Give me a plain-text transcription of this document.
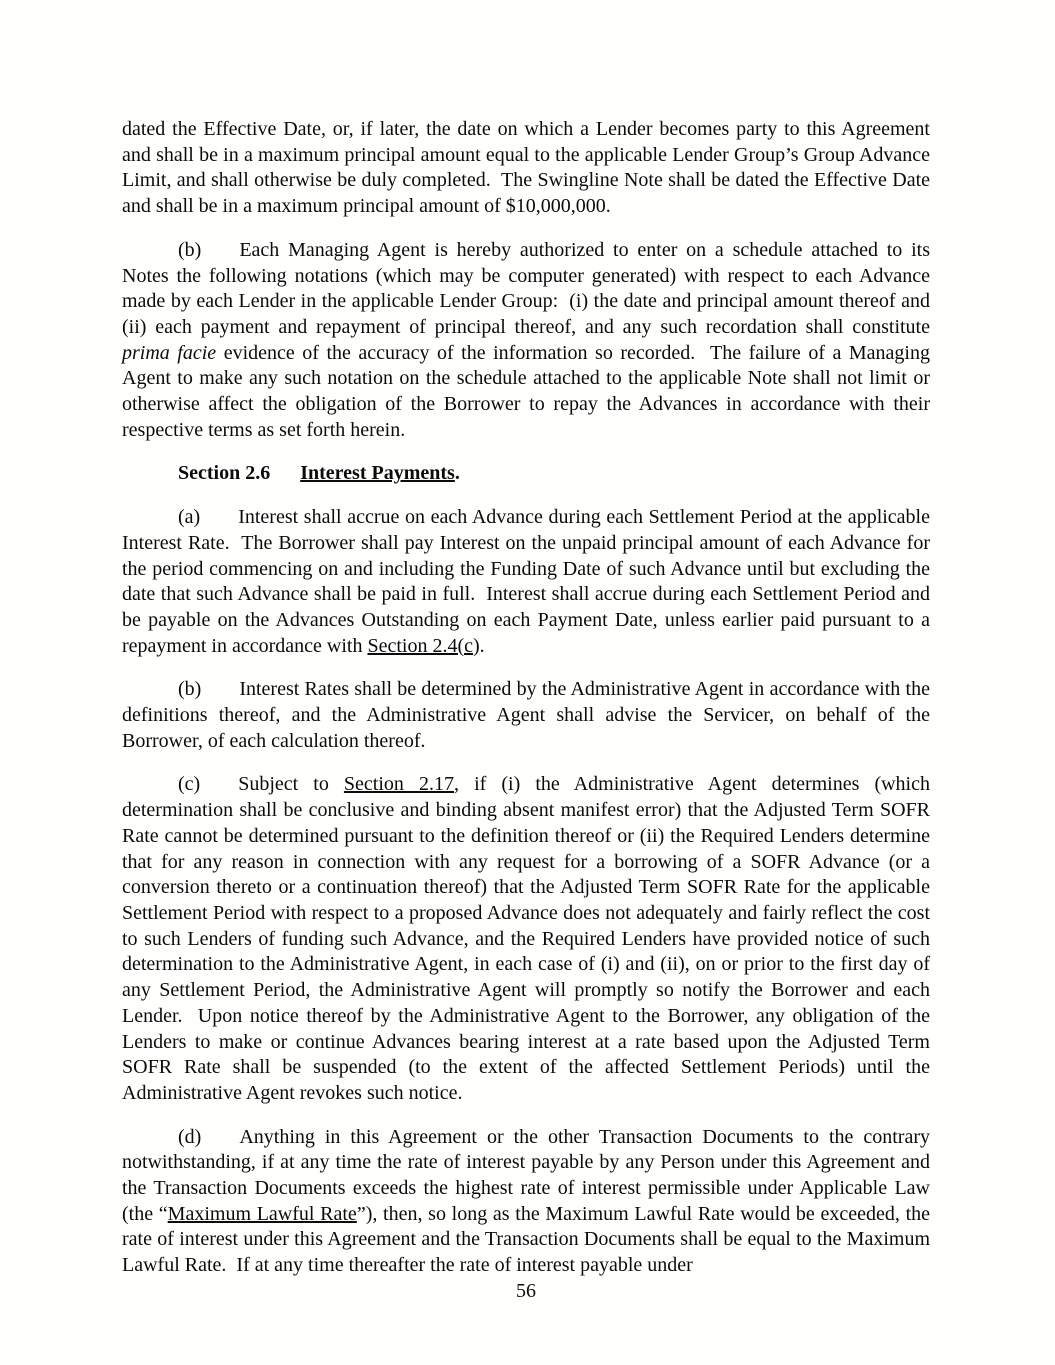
dated the Effective Date, or, if later, the date on which a Lender becomes party to this Agreement and shall be in a maximum principal amount equal to the applicable Lender Group’s Group Advance Limit, and shall otherwise be duly completed.  The Swingline Note shall be dated the Effective Date and shall be in a maximum principal amount of $10,000,000.

(b) Each Managing Agent is hereby authorized to enter on a schedule attached to its Notes the following notations (which may be computer generated) with respect to each Advance made by each Lender in the applicable Lender Group:  (i) the date and principal amount thereof and (ii) each payment and repayment of principal thereof, and any such recordation shall constitute prima facie evidence of the accuracy of the information so recorded.  The failure of a Managing Agent to make any such notation on the schedule attached to the applicable Note shall not limit or otherwise affect the obligation of the Borrower to repay the Advances in accordance with their respective terms as set forth herein.

Section 2.6 Interest Payments.

(a) Interest shall accrue on each Advance during each Settlement Period at the applicable Interest Rate.  The Borrower shall pay Interest on the unpaid principal amount of each Advance for the period commencing on and including the Funding Date of such Advance until but excluding the date that such Advance shall be paid in full.  Interest shall accrue during each Settlement Period and be payable on the Advances Outstanding on each Payment Date, unless earlier paid pursuant to a repayment in accordance with Section 2.4(c).

(b) Interest Rates shall be determined by the Administrative Agent in accordance with the definitions thereof, and the Administrative Agent shall advise the Servicer, on behalf of the Borrower, of each calculation thereof.

(c) Subject to Section 2.17, if (i) the Administrative Agent determines (which determination shall be conclusive and binding absent manifest error) that the Adjusted Term SOFR Rate cannot be determined pursuant to the definition thereof or (ii) the Required Lenders determine that for any reason in connection with any request for a borrowing of a SOFR Advance (or a conversion thereto or a continuation thereof) that the Adjusted Term SOFR Rate for the applicable Settlement Period with respect to a proposed Advance does not adequately and fairly reflect the cost to such Lenders of funding such Advance, and the Required Lenders have provided notice of such determination to the Administrative Agent, in each case of (i) and (ii), on or prior to the first day of any Settlement Period, the Administrative Agent will promptly so notify the Borrower and each Lender.  Upon notice thereof by the Administrative Agent to the Borrower, any obligation of the Lenders to make or continue Advances bearing interest at a rate based upon the Adjusted Term SOFR Rate shall be suspended (to the extent of the affected Settlement Periods) until the Administrative Agent revokes such notice.

(d) Anything in this Agreement or the other Transaction Documents to the contrary notwithstanding, if at any time the rate of interest payable by any Person under this Agreement and the Transaction Documents exceeds the highest rate of interest permissible under Applicable Law (the “Maximum Lawful Rate”), then, so long as the Maximum Lawful Rate would be exceeded, the rate of interest under this Agreement and the Transaction Documents shall be equal to the Maximum Lawful Rate.  If at any time thereafter the rate of interest payable under

56
